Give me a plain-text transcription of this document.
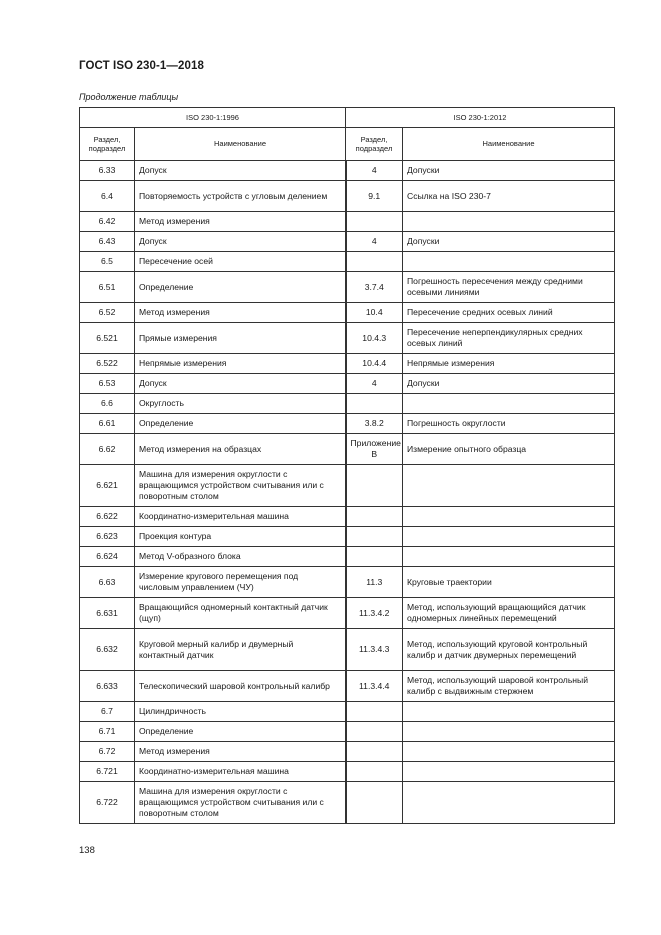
ГОСТ ISO 230-1—2018
Продолжение таблицы
ISO 230-1:1996		ISO 230-1:2012	
Раздел, подраздел	Наименование	Раздел, подраздел	Наименование
6.33	Допуск	4	Допуски
6.4	Повторяемость устройств с угловым делением	9.1	Ссылка на ISO 230-7
6.42	Метод измерения		
6.43	Допуск	4	Допуски
6.5	Пересечение осей		
6.51	Определение	3.7.4	Погрешность пересечения между средними осевыми линиями
6.52	Метод измерения	10.4	Пересечение средних осевых линий
6.521	Прямые измерения	10.4.3	Пересечение неперпендикулярных средних осевых линий
6.522	Непрямые измерения	10.4.4	Непрямые измерения
6.53	Допуск	4	Допуски
6.6	Округлость		
6.61	Определение	3.8.2	Погрешность округлости
6.62	Метод измерения на образцах	Приложение В	Измерение опытного образца
6.621	Машина для измерения округлости с вращающимся устройством считывания или с поворотным столом		
6.622	Координатно-измерительная машина		
6.623	Проекция контура		
6.624	Метод V-образного блока		
6.63	Измерение кругового перемещения под числовым управлением (ЧУ)	11.3	Круговые траектории
6.631	Вращающийся одномерный контактный датчик (щуп)	11.3.4.2	Метод, использующий вращающийся датчик одномерных линейных перемещений
6.632	Круговой мерный калибр и двумерный контактный датчик	11.3.4.3	Метод, использующий круговой контрольный калибр и датчик двумерных перемещений
6.633	Телескопический шаровой контрольный калибр	11.3.4.4	Метод, использующий шаровой контрольный калибр с выдвижным стержнем
6.7	Цилиндричность		
6.71	Определение		
6.72	Метод измерения		
6.721	Координатно-измерительная машина		
6.722	Машина для измерения округлости с вращающимся устройством считывания или с поворотным столом		
138
